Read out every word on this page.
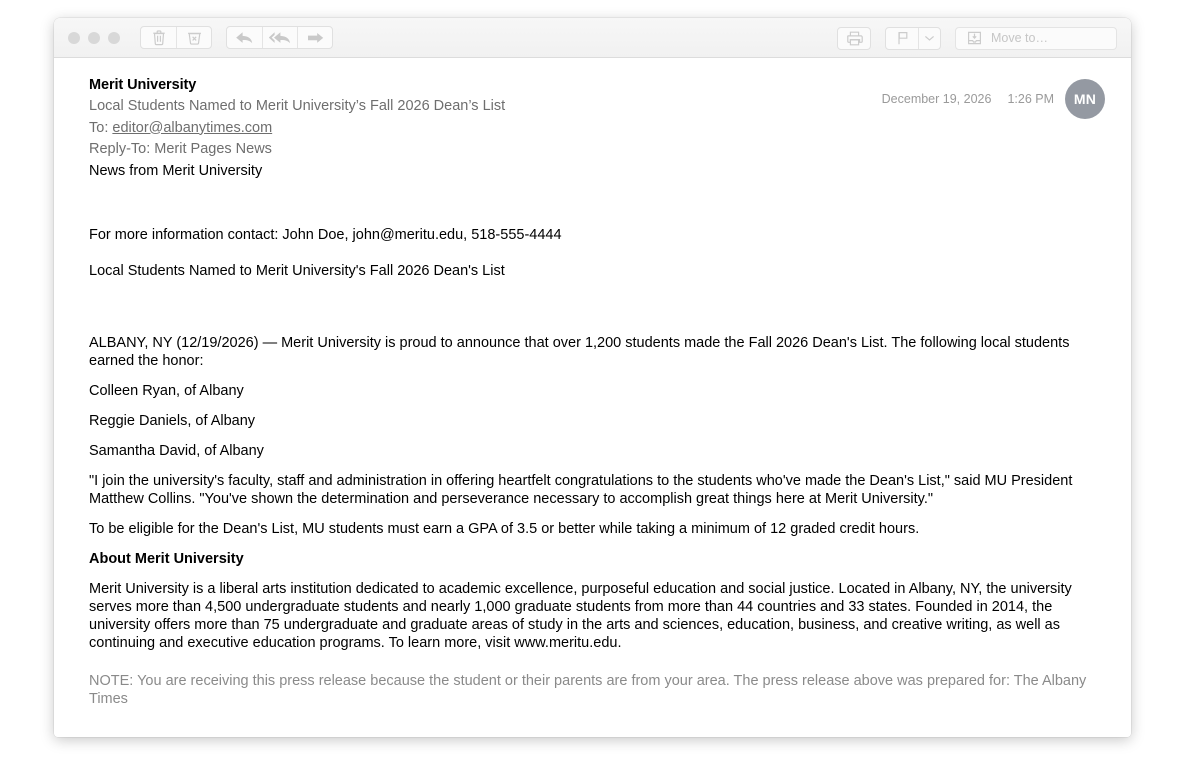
Move to…
Merit University
Local Students Named to Merit University’s Fall 2026 Dean’s List
To: editor@albanytimes.com
Reply-To: Merit Pages News
News from Merit University
December 19, 2026 1:26 PM MN

For more information contact: John Doe, john@meritu.edu, 518-555-4444

Local Students Named to Merit University's Fall 2026 Dean's List

ALBANY, NY (12/19/2026) — Merit University is proud to announce that over 1,200 students made the Fall 2026 Dean's List. The following local students earned the honor:

Colleen Ryan, of Albany

Reggie Daniels, of Albany

Samantha David, of Albany

"I join the university's faculty, staff and administration in offering heartfelt congratulations to the students who've made the Dean's List," said MU President Matthew Collins. "You've shown the determination and perseverance necessary to accomplish great things here at Merit University."

To be eligible for the Dean's List, MU students must earn a GPA of 3.5 or better while taking a minimum of 12 graded credit hours.

About Merit University

Merit University is a liberal arts institution dedicated to academic excellence, purposeful education and social justice. Located in Albany, NY, the university serves more than 4,500 undergraduate students and nearly 1,000 graduate students from more than 44 countries and 33 states. Founded in 2014, the university offers more than 75 undergraduate and graduate areas of study in the arts and sciences, education, business, and creative writing, as well as continuing and executive education programs. To learn more, visit www.meritu.edu.

NOTE: You are receiving this press release because the student or their parents are from your area. The press release above was prepared for: The Albany Times
